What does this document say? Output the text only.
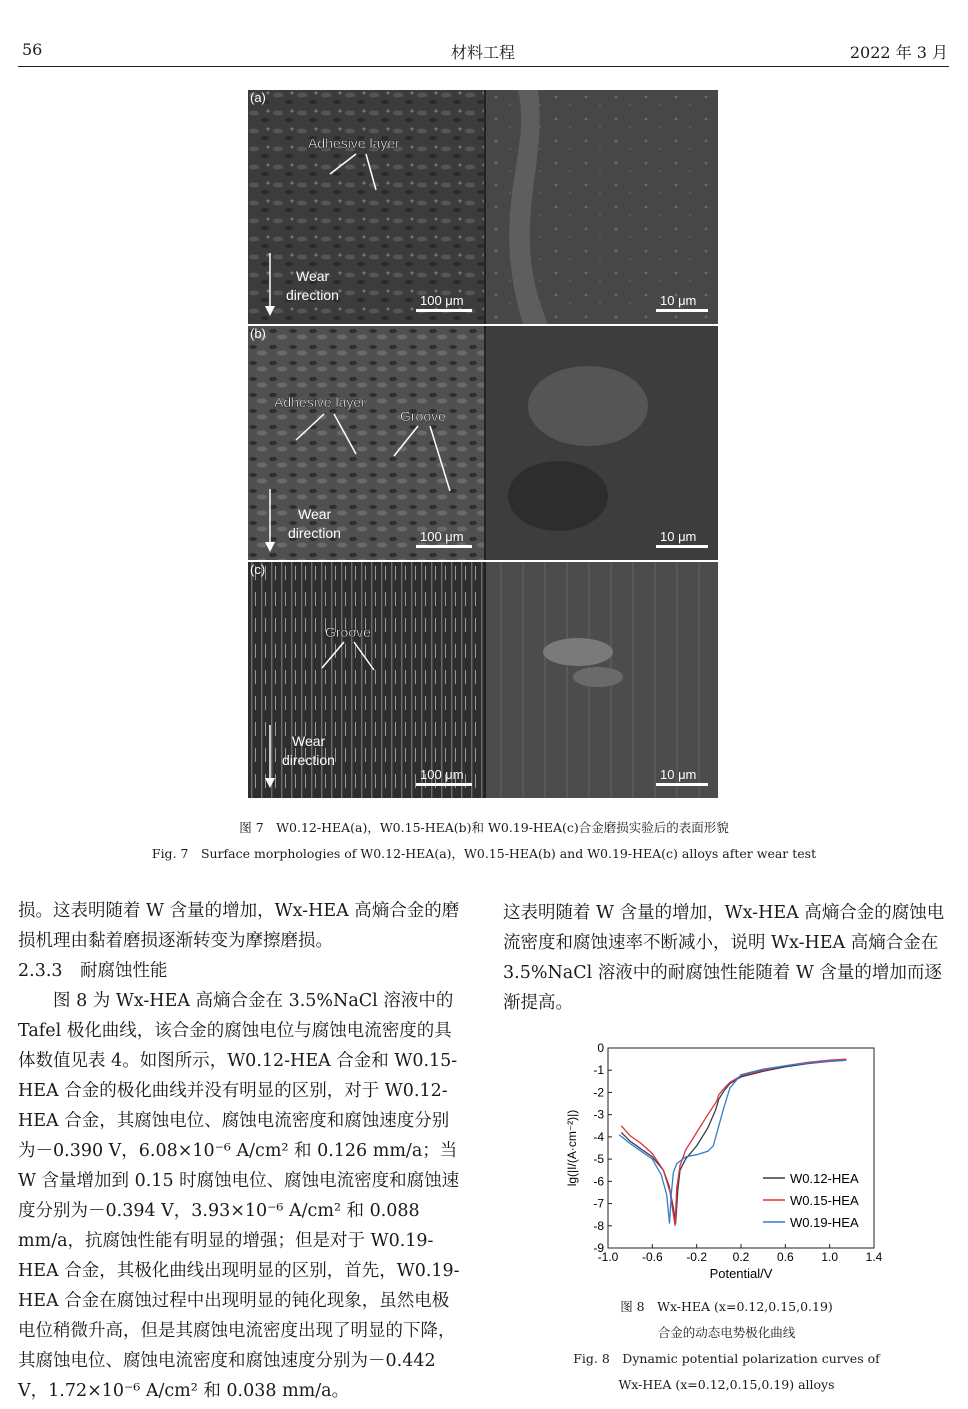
56	材料工程	2022 年 3 月
(a)
Adhesive layer
Wear
direction	100 μm	10 μm
(b)
Adhesive layer
Groove
Wear
direction	100 μm	10 μm
(c)
Groove
Wear
direction
100 μm	10 μm
图 7　W0.12-HEA(a)，W0.15-HEA(b)和 W0.19-HEA(c)合金磨损实验后的表面形貌
Fig. 7　Surface morphologies of W0.12-HEA(a)，W0.15-HEA(b) and W0.19-HEA(c) alloys after wear test

损。这表明随着 W 含量的增加，Wx-HEA 高熵合金的磨损机理由黏着磨损逐渐转变为摩擦磨损。

2.3.3　耐腐蚀性能

图 8 为 Wx-HEA 高熵合金在 3.5%NaCl 溶液中的 Tafel 极化曲线，该合金的腐蚀电位与腐蚀电流密度的具体数值见表 4。如图所示，W0.12-HEA 合金和 W0.15-HEA 合金的极化曲线并没有明显的区别，对于 W0.12-HEA 合金，其腐蚀电位、腐蚀电流密度和腐蚀速度分别为－0.390 V，6.08×10⁻⁶ A/cm² 和 0.126 mm/a；当 W 含量增加到 0.15 时腐蚀电位、腐蚀电流密度和腐蚀速度分别为－0.394 V，3.93×10⁻⁶ A/cm² 和 0.088 mm/a，抗腐蚀性能有明显的增强；但是对于 W0.19-HEA 合金，其极化曲线出现明显的区别，首先，W0.19-HEA 合金在腐蚀过程中出现明显的钝化现象，虽然电极电位稍微升高，但是其腐蚀电流密度出现了明显的下降，其腐蚀电位、腐蚀电流密度和腐蚀速度分别为－0.442 V，1.72×10⁻⁶ A/cm² 和 0.038 mm/a。

这表明随着 W 含量的增加，Wx-HEA 高熵合金的腐蚀电流密度和腐蚀速率不断减小，说明 Wx-HEA 高熵合金在 3.5%NaCl 溶液中的耐腐蚀性能随着 W 含量的增加而逐渐提高。

-1.0 -0.6 -0.2 0.2 0.6 1.0 1.4
0
-1
-2
-3
-4
-5
-6
-7
-8
-9
Potential/V
lg(|I/(A·cm⁻²)|)	W0.12-HEA
W0.15-HEA
W0.19-HEA
图 8　Wx-HEA (x=0.12,0.15,0.19)
合金的动态电势极化曲线
Fig. 8　Dynamic potential polarization curves of
Wx-HEA (x=0.12,0.15,0.19) alloys
